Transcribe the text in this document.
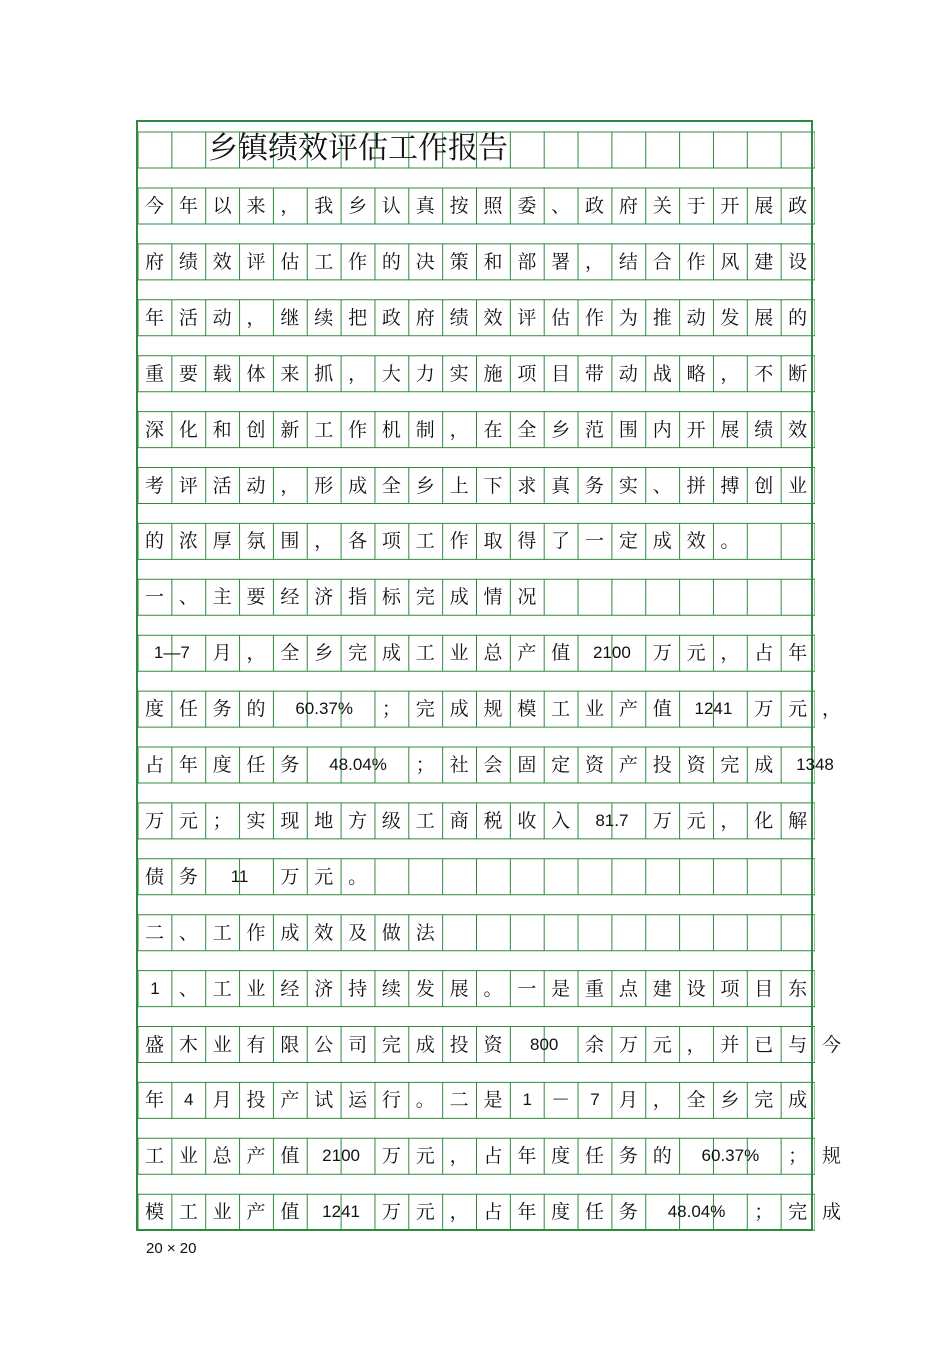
乡镇绩效评估工作报告
今 年 以 来 ， 我 乡 认 真 按 照 委 、 政 府 关 于 开 展 政
府 绩 效 评 估 工 作 的 决 策 和 部 署 ， 结 合 作 风 建 设
年 活 动 ， 继 续 把 政 府 绩 效 评 估 作 为 推 动 发 展 的
重 要 载 体 来 抓 ， 大 力 实 施 项 目 带 动 战 略 ， 不 断
深 化 和 创 新 工 作 机 制 ， 在 全 乡 范 围 内 开 展 绩 效
考 评 活 动 ， 形 成 全 乡 上 下 求 真 务 实 、 拼 搏 创 业
的 浓 厚 氛 围 ， 各 项 工 作 取 得 了 一 定 成 效 。
一 、 主 要 经 济 指 标 完 成 情 况
1—7	月 ， 全 乡 完 成 工 业 总 产 值	2100	万 元 ， 占 年
度 任 务 的	60.37%	； 完 成 规 模 工 业 产 值	1241	万 元 ，
占 年 度 任 务	48.04%	； 社 会 固 定 资 产 投 资 完 成	1348
万 元 ； 实 现 地 方 级 工 商 税 收 入	81.7	万 元 ， 化 解
债 务	11	万 元 。
二 、 工 作 成 效 及 做 法
1	、 工 业 经 济 持 续 发 展 。 一 是 重 点 建 设 项 目 东
盛 木 业 有 限 公 司 完 成 投 资	800	余 万 元 ， 并 已 与 今
年	4	月 投 产 试 运 行 。 二 是	1	－	7	月 ， 全 乡 完 成
工 业 总 产 值	2100	万 元 ， 占 年 度 任 务 的	60.37%	； 规
模 工 业 产 值	1241	万 元 ， 占 年 度 任 务	48.04%	； 完 成
20 × 20
